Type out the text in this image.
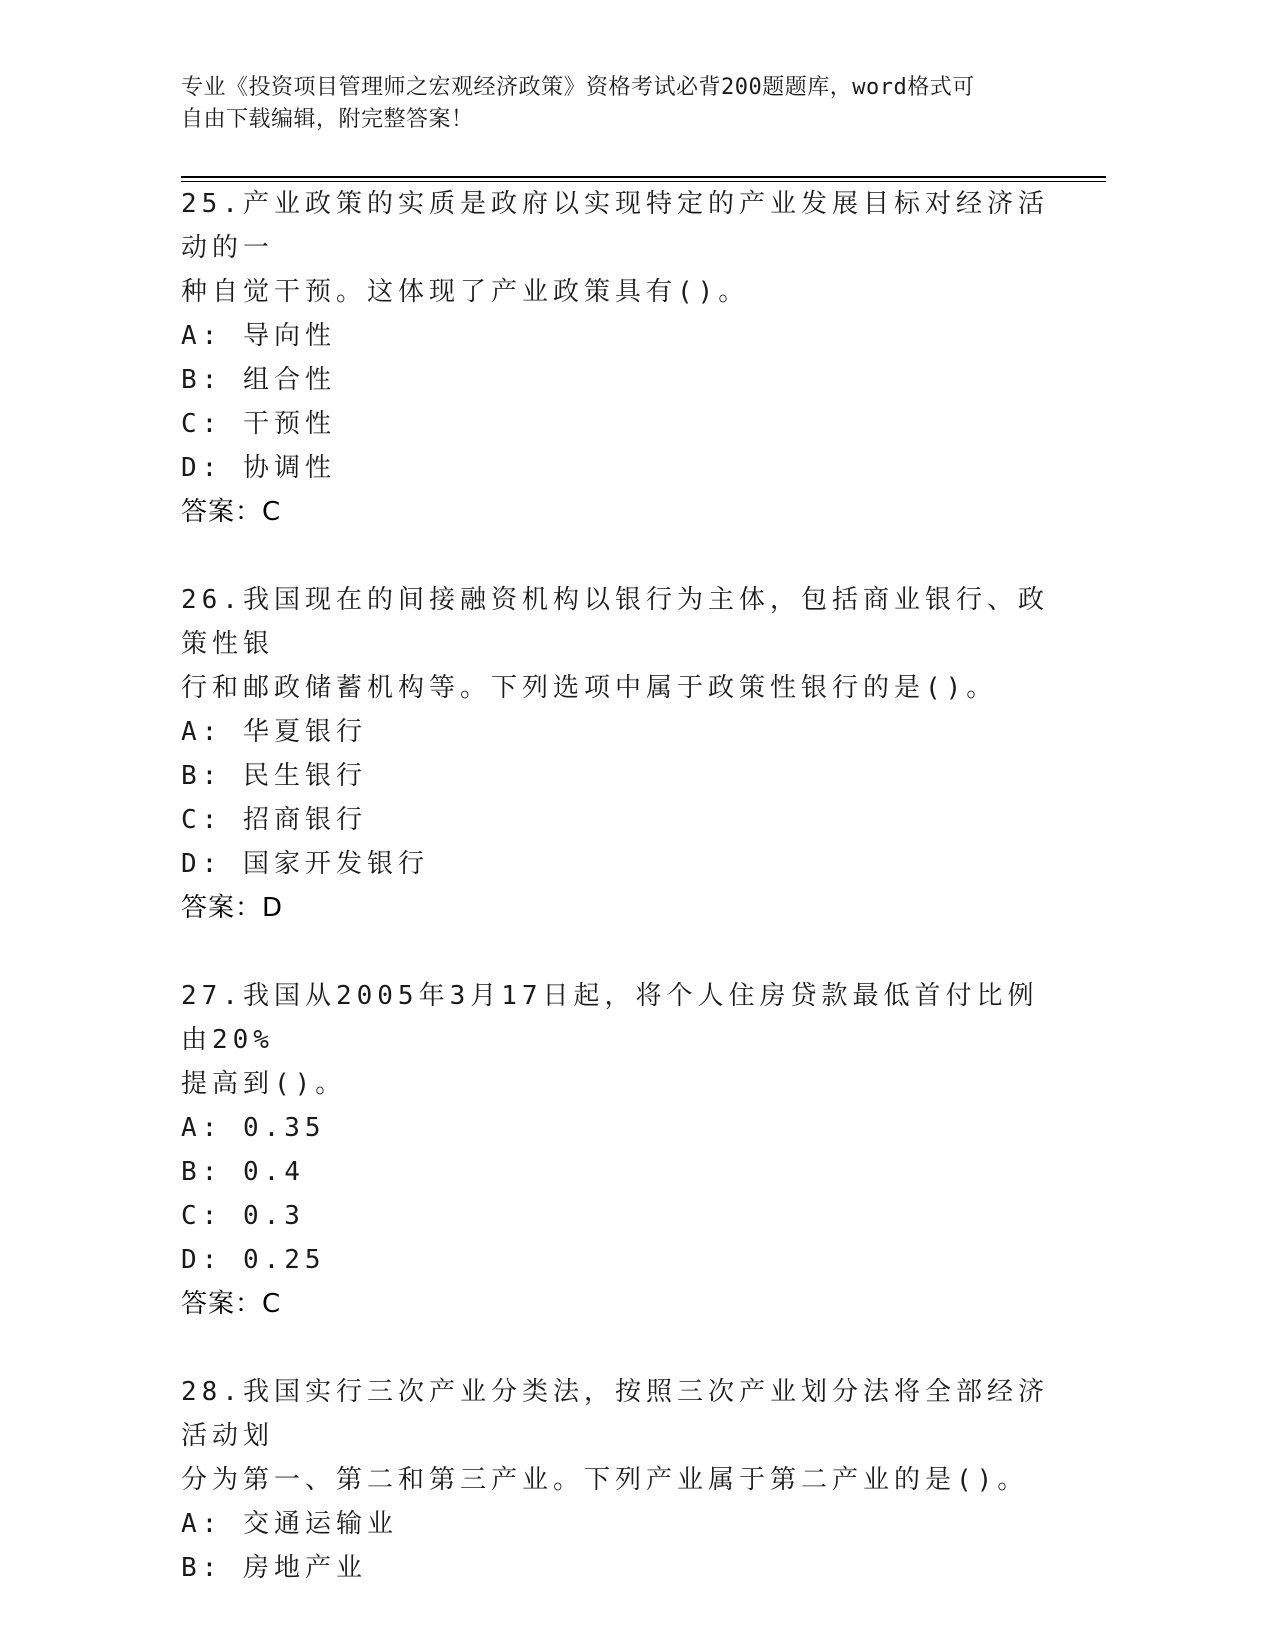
专业《投资项目管理师之宏观经济政策》资格考试必背200题题库，word格式可
自由下载编辑，附完整答案！
25.产业政策的实质是政府以实现特定的产业发展目标对经济活动的一
种自觉干预。这体现了产业政策具有()。
A: 导向性
B: 组合性
C: 干预性
D: 协调性
答案：C
26.我国现在的间接融资机构以银行为主体，包括商业银行、政策性银
行和邮政储蓄机构等。下列选项中属于政策性银行的是()。
A: 华夏银行
B: 民生银行
C: 招商银行
D: 国家开发银行
答案：D
27.我国从2005年3月17日起，将个人住房贷款最低首付比例由20%
提高到()。
A: 0.35
B: 0.4
C: 0.3
D: 0.25
答案：C
28.我国实行三次产业分类法，按照三次产业划分法将全部经济活动划
分为第一、第二和第三产业。下列产业属于第二产业的是()。
A: 交通运输业
B: 房地产业
